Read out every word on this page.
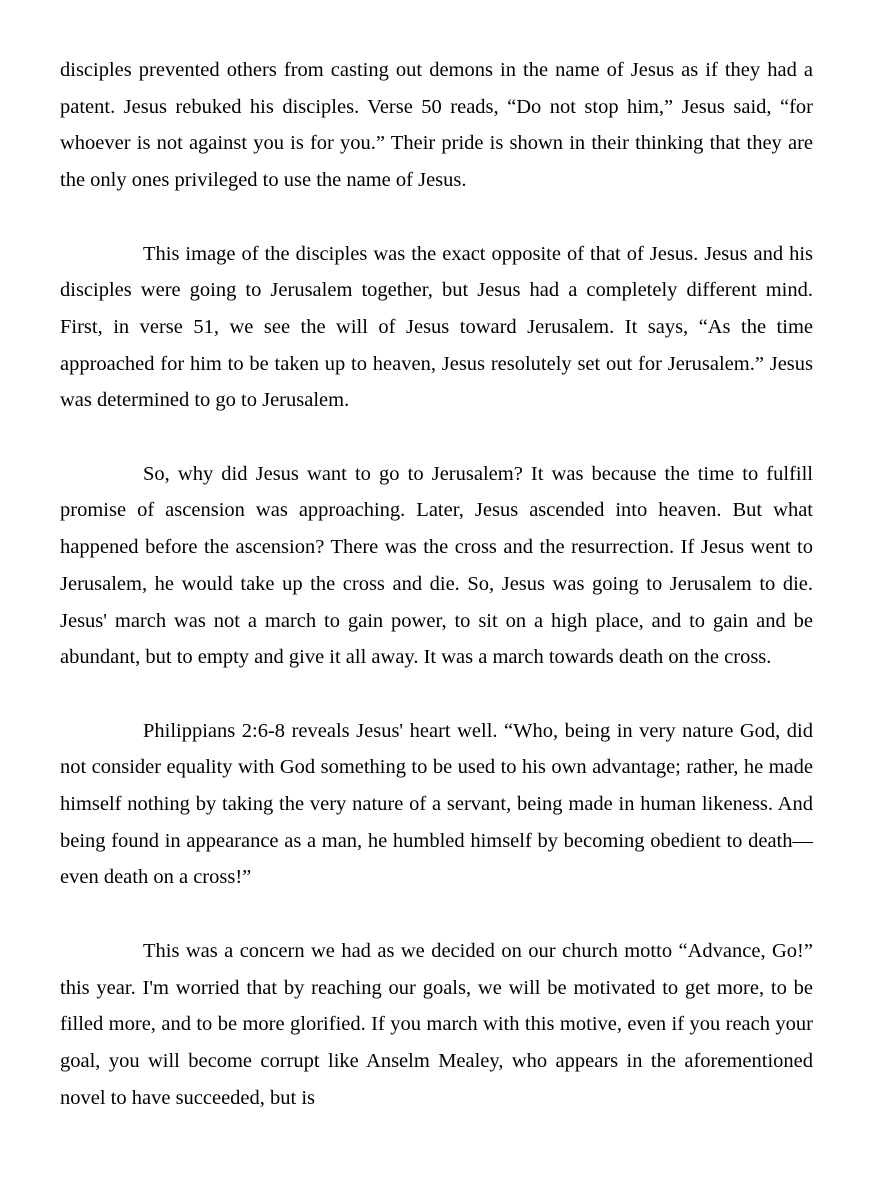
disciples prevented others from casting out demons in the name of Jesus as if they had a patent. Jesus rebuked his disciples. Verse 50 reads, “Do not stop him,” Jesus said, “for whoever is not against you is for you.” Their pride is shown in their thinking that they are the only ones privileged to use the name of Jesus.

This image of the disciples was the exact opposite of that of Jesus. Jesus and his disciples were going to Jerusalem together, but Jesus had a completely different mind. First, in verse 51, we see the will of Jesus toward Jerusalem. It says, “As the time approached for him to be taken up to heaven, Jesus resolutely set out for Jerusalem.” Jesus was determined to go to Jerusalem.

So, why did Jesus want to go to Jerusalem? It was because the time to fulfill promise of ascension was approaching. Later, Jesus ascended into heaven. But what happened before the ascension? There was the cross and the resurrection. If Jesus went to Jerusalem, he would take up the cross and die. So, Jesus was going to Jerusalem to die. Jesus' march was not a march to gain power, to sit on a high place, and to gain and be abundant, but to empty and give it all away. It was a march towards death on the cross.

Philippians 2:6-8 reveals Jesus' heart well. “Who, being in very nature God, did not consider equality with God something to be used to his own advantage; rather, he made himself nothing by taking the very nature of a servant, being made in human likeness. And being found in appearance as a man, he humbled himself by becoming obedient to death—even death on a cross!”

This was a concern we had as we decided on our church motto “Advance, Go!” this year. I'm worried that by reaching our goals, we will be motivated to get more, to be filled more, and to be more glorified. If you march with this motive, even if you reach your goal, you will become corrupt like Anselm Mealey, who appears in the aforementioned novel to have succeeded, but is
